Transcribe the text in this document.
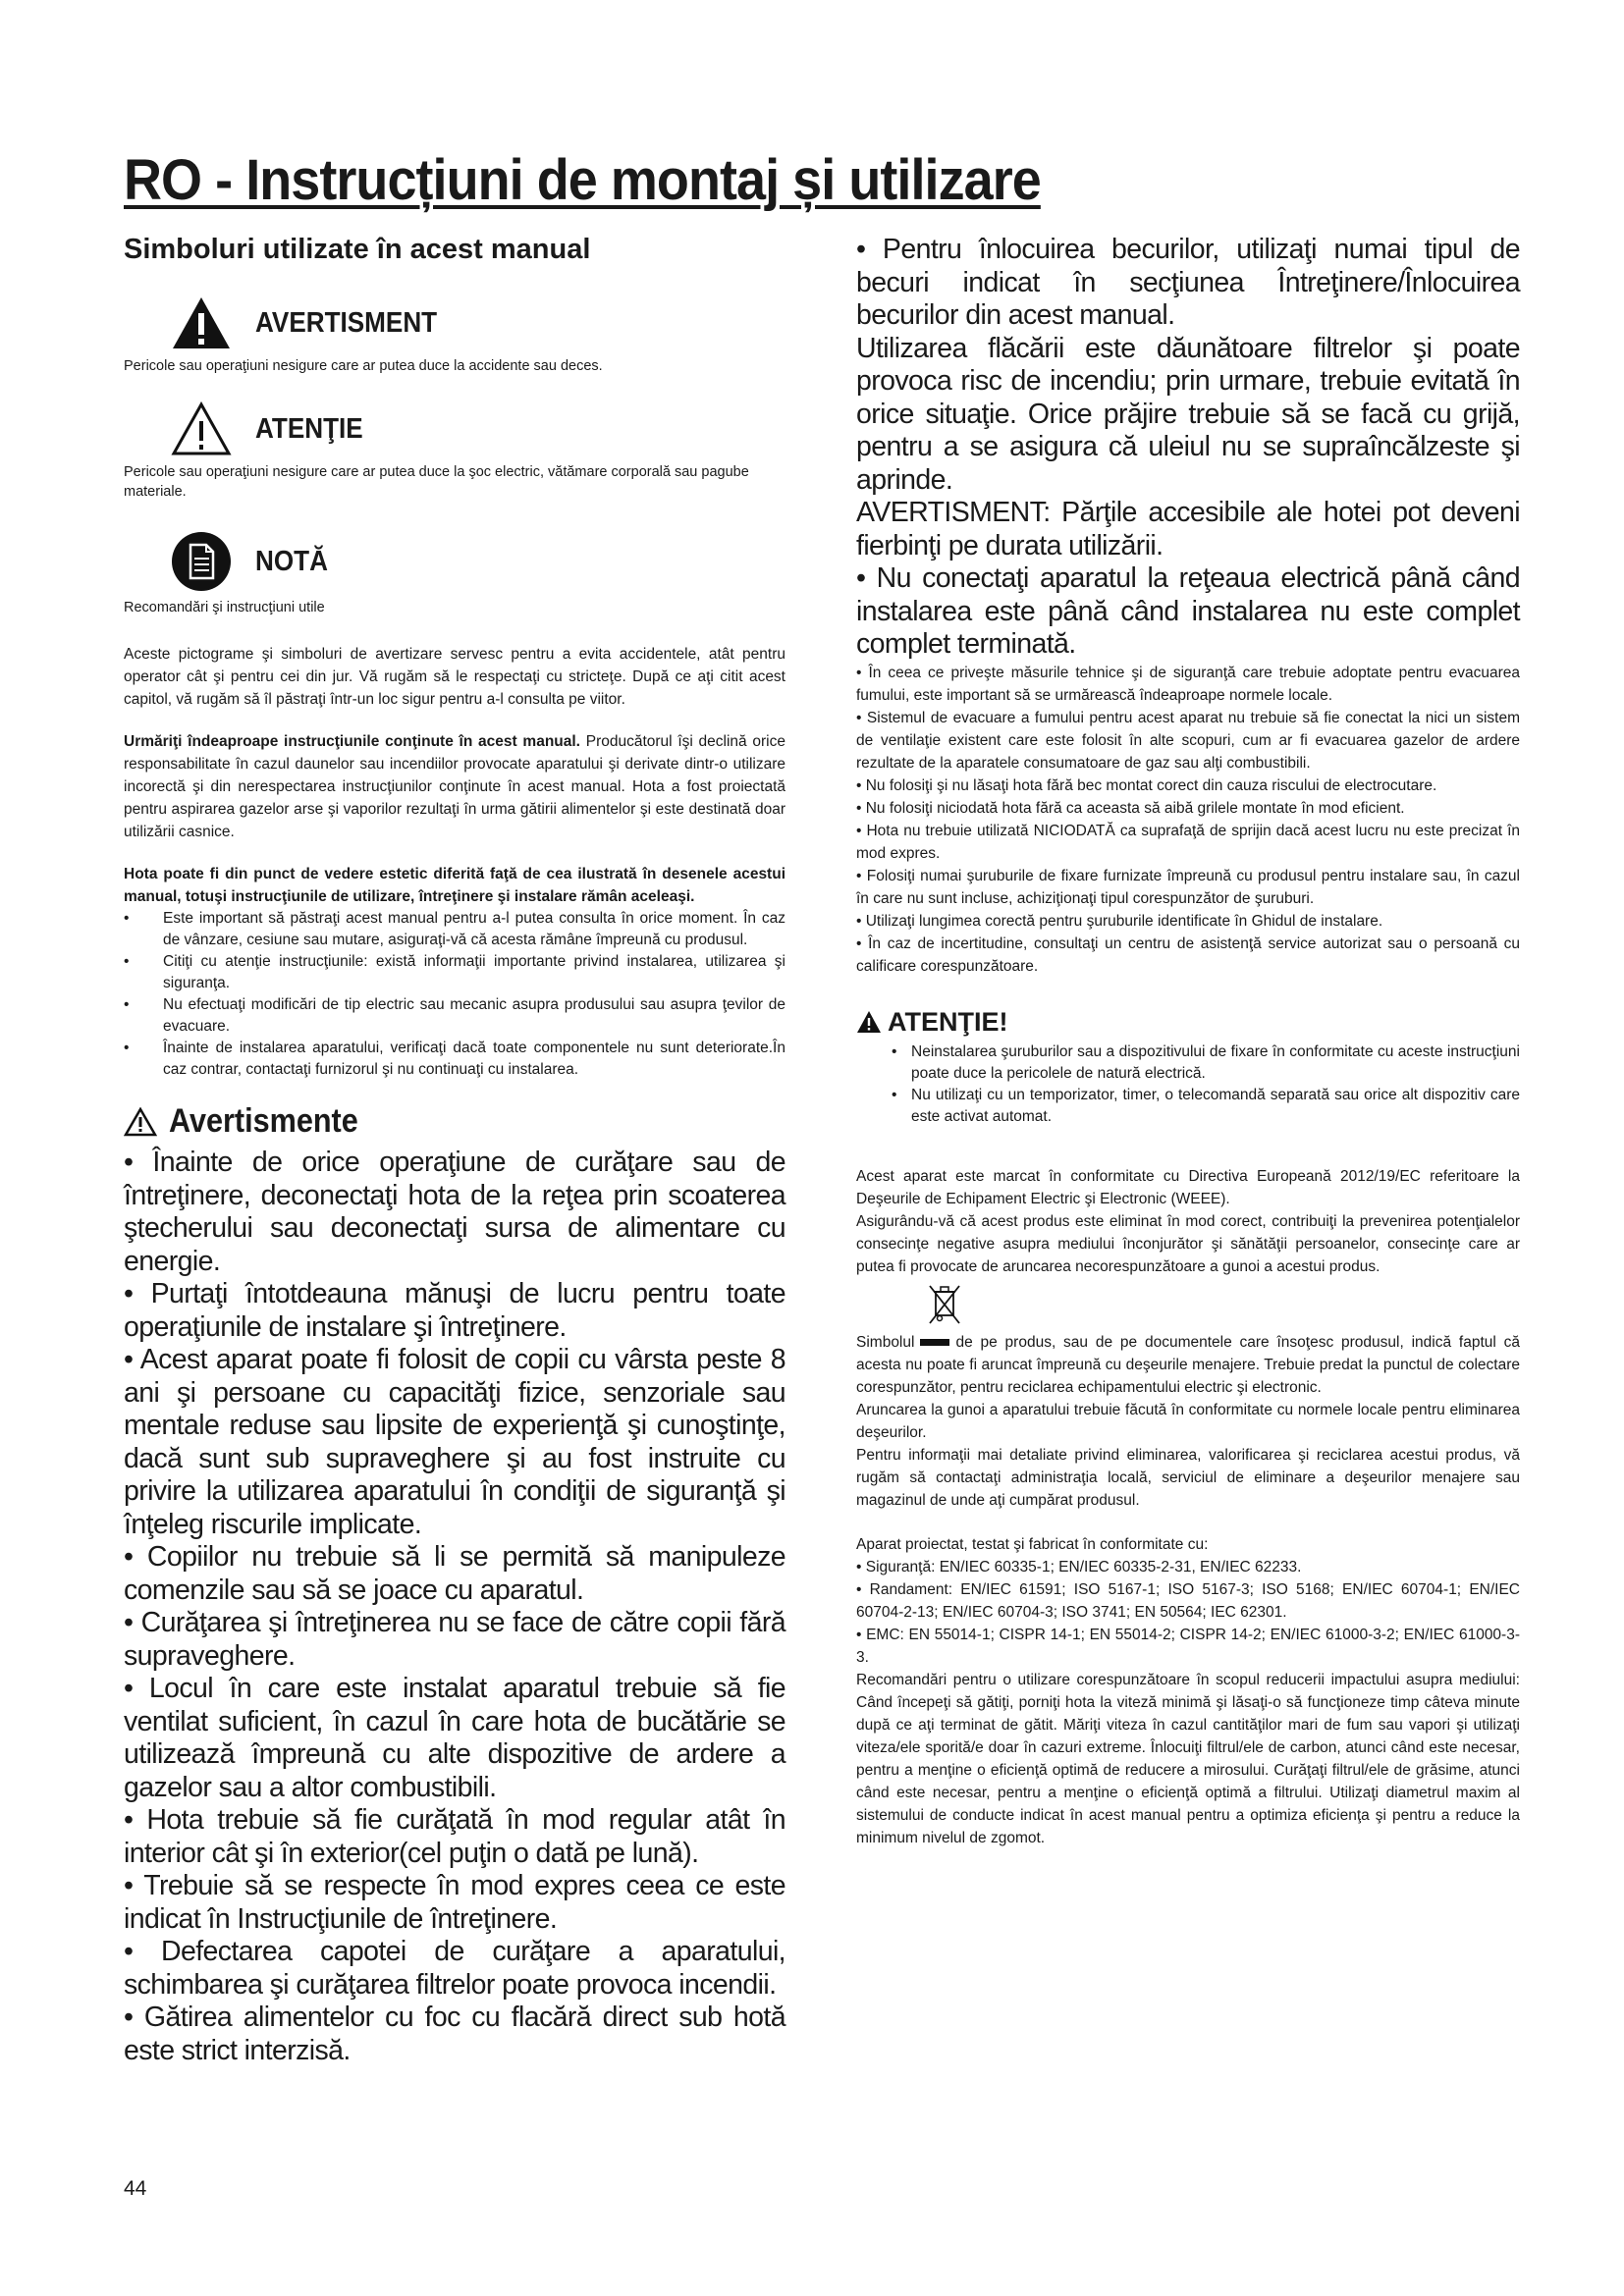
RO - Instrucțiuni de montaj și utilizare
Simboluri utilizate în acest manual
AVERTISMENT

Pericole sau operaţiuni nesigure care ar putea duce la accidente sau deces.

ATENŢIE

Pericole sau operaţiuni nesigure care ar putea duce la şoc electric, vătămare corporală sau pagube materiale.

NOTĂ

Recomandări şi instrucţiuni utile

Aceste pictograme şi simboluri de avertizare servesc pentru a evita accidentele, atât pentru operator cât şi pentru cei din jur. Vă rugăm să le respectaţi cu stricteţe. După ce aţi citit acest capitol, vă rugăm să îl păstraţi într-un loc sigur pentru a-l consulta pe viitor.

Urmăriţi îndeaproape instrucţiunile conţinute în acest manual. Producătorul îşi declină orice responsabilitate în cazul daunelor sau incendiilor provocate aparatului şi derivate dintr-o utilizare incorectă şi din nerespectarea instrucţiunilor conţinute în acest manual. Hota a fost proiectată pentru aspirarea gazelor arse şi vaporilor rezultaţi în urma gătirii alimentelor şi este destinată doar utilizării casnice.

Hota poate fi din punct de vedere estetic diferită faţă de cea ilustrată în desenele acestui manual, totuşi instrucţiunile de utilizare, întreţinere şi instalare rămân aceleaşi.

• Este important să păstraţi acest manual pentru a-l putea consulta în orice moment. În caz de vânzare, cesiune sau mutare, asiguraţi-vă că acesta rămâne împreună cu produsul.
• Citiţi cu atenţie instrucţiunile: există informaţii importante privind instalarea, utilizarea şi siguranţa.
• Nu efectuaţi modificări de tip electric sau mecanic asupra produsului sau asupra ţevilor de evacuare.
• Înainte de instalarea aparatului, verificaţi dacă toate componentele nu sunt deteriorate.În caz contrar, contactaţi furnizorul şi nu continuaţi cu instalarea.
Avertismente

• Înainte de orice operaţiune de curăţare sau de întreţinere, deconectaţi hota de la reţea prin scoaterea ştecherului sau deconectaţi sursa de alimentare cu energie.

• Purtaţi întotdeauna mănuşi de lucru pentru toate operaţiunile de instalare şi întreţinere.

• Acest aparat poate fi folosit de copii cu vârsta peste 8 ani şi persoane cu capacităţi fizice, senzoriale sau mentale reduse sau lipsite de experienţă şi cunoştinţe, dacă sunt sub supraveghere şi au fost instruite cu privire la utilizarea aparatului în condiţii de siguranţă şi înţeleg riscurile implicate.

• Copiilor nu trebuie să li se permită să manipuleze comenzile sau să se joace cu aparatul.

• Curăţarea şi întreţinerea nu se face de către copii fără supraveghere.

• Locul în care este instalat aparatul trebuie să fie ventilat suficient, în cazul în care hota de bucătărie se utilizează împreună cu alte dispozitive de ardere a gazelor sau a altor combustibili.

• Hota trebuie să fie curăţată în mod regular atât în interior cât şi în exterior(cel puţin o dată pe lună).

• Trebuie să se respecte în mod expres ceea ce este indicat în Instrucţiunile de întreţinere.

• Defectarea capotei de curăţare a aparatului, schimbarea şi curăţarea filtrelor poate provoca incendii.

• Gătirea alimentelor cu foc cu flacără direct sub hotă este strict interzisă.

• Pentru înlocuirea becurilor, utilizaţi numai tipul de becuri indicat în secţiunea Întreţinere/Înlocuirea becurilor din acest manual.

Utilizarea flăcării este dăunătoare filtrelor şi poate provoca risc de incendiu; prin urmare, trebuie evitată în orice situaţie. Orice prăjire trebuie să se facă cu grijă, pentru a se asigura că uleiul nu se supraîncălzeste şi aprinde.

AVERTISMENT: Părţile accesibile ale hotei pot deveni fierbinţi pe durata utilizării.

• Nu conectaţi aparatul la reţeaua electrică până când instalarea este până când instalarea nu este complet complet terminată.

• În ceea ce priveşte măsurile tehnice şi de siguranţă care trebuie adoptate pentru evacuarea fumului, este important să se urmărească îndeaproape normele locale.

• Sistemul de evacuare a fumului pentru acest aparat nu trebuie să fie conectat la nici un sistem de ventilaţie existent care este folosit în alte scopuri, cum ar fi evacuarea gazelor de ardere rezultate de la aparatele consumatoare de gaz sau alţi combustibili.

• Nu folosiţi şi nu lăsaţi hota fără bec montat corect din cauza riscului de electrocutare.

• Nu folosiţi niciodată hota fără ca aceasta să aibă grilele montate în mod eficient.

• Hota nu trebuie utilizată NICIODATĂ ca suprafaţă de sprijin dacă acest lucru nu este precizat în mod expres.

• Folosiţi numai şuruburile de fixare furnizate împreună cu produsul pentru instalare sau, în cazul în care nu sunt incluse, achiziţionaţi tipul corespunzător de şuruburi.

• Utilizaţi lungimea corectă pentru şuruburile identificate în Ghidul de instalare.

• În caz de incertitudine, consultaţi un centru de asistenţă service autorizat sau o persoană cu calificare corespunzătoare.

ATENŢIE!
• Neinstalarea şuruburilor sau a dispozitivului de fixare în conformitate cu aceste instrucţiuni poate duce la pericolele de natură electrică.
• Nu utilizaţi cu un temporizator, timer, o telecomandă separată sau orice alt dispozitiv care este activat automat.

Acest aparat este marcat în conformitate cu Directiva Europeană 2012/19/EC referitoare la Deşeurile de Echipament Electric şi Electronic (WEEE).

Asigurându-vă că acest produs este eliminat în mod corect, contribuiţi la prevenirea potenţialelor consecinţe negative asupra mediului înconjurător şi sănătăţii persoanelor, consecinţe care ar putea fi provocate de aruncarea necorespunzătoare a gunoi a acestui produs.

Simbolul	de pe produs, sau de pe documentele care însoţesc produsul, indică faptul că acesta nu poate fi aruncat împreună cu deşeurile menajere. Trebuie predat la punctul de colectare corespunzător, pentru reciclarea echipamentului electric şi electronic.

Aruncarea la gunoi a aparatului trebuie făcută în conformitate cu normele locale pentru eliminarea deşeurilor.

Pentru informaţii mai detaliate privind eliminarea, valorificarea şi reciclarea acestui produs, vă rugăm să contactaţi administraţia locală, serviciul de eliminare a deşeurilor menajere sau magazinul de unde aţi cumpărat produsul.

Aparat proiectat, testat şi fabricat în conformitate cu:

• Siguranţă: EN/IEC 60335-1; EN/IEC 60335-2-31, EN/IEC 62233.

• Randament: EN/IEC 61591; ISO 5167-1; ISO 5167-3; ISO 5168; EN/IEC 60704-1; EN/IEC 60704-2-13; EN/IEC 60704-3; ISO 3741; EN 50564; IEC 62301.

• EMC: EN 55014-1; CISPR 14-1; EN 55014-2; CISPR 14-2; EN/IEC 61000-3-2; EN/IEC 61000-3-3.

Recomandări pentru o utilizare corespunzătoare în scopul reducerii impactului asupra mediului: Când începeţi să gătiţi, porniţi hota la viteză minimă şi lăsaţi-o să funcţioneze timp câteva minute după ce aţi terminat de gătit. Măriţi viteza în cazul cantităţilor mari de fum sau vapori şi utilizaţi viteza/ele sporită/e doar în cazuri extreme. Înlocuiţi filtrul/ele de carbon, atunci când este necesar, pentru a menţine o eficienţă optimă de reducere a mirosului. Curăţaţi filtrul/ele de grăsime, atunci când este necesar, pentru a menţine o eficienţă optimă a filtrului. Utilizaţi diametrul maxim al sistemului de conducte indicat în acest manual pentru a optimiza eficienţa şi pentru a reduce la minimum nivelul de zgomot.

44
